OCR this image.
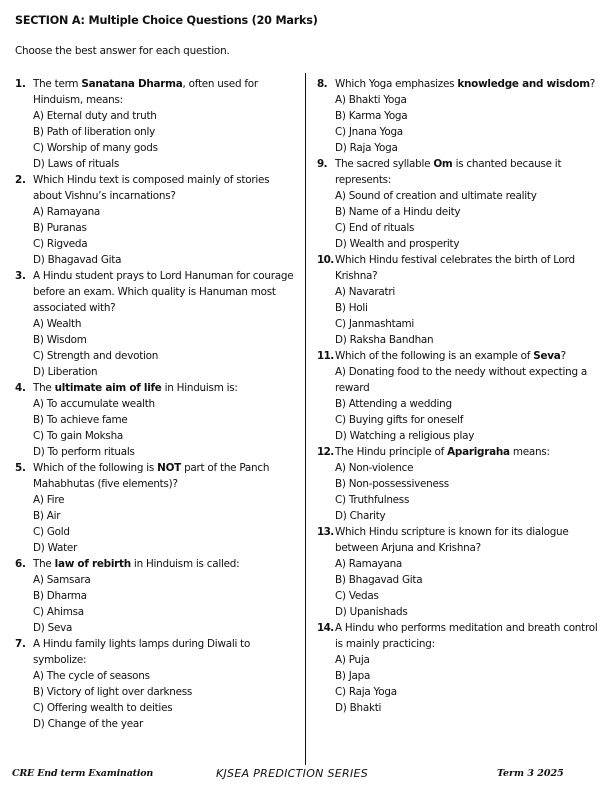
SECTION A: Multiple Choice Questions (20 Marks)
Choose the best answer for each question.
1. The term Sanatana Dharma, often used for Hinduism, means:
A) Eternal duty and truth
B) Path of liberation only
C) Worship of many gods
D) Laws of rituals
2. Which Hindu text is composed mainly of stories about Vishnu’s incarnations?
A) Ramayana
B) Puranas
C) Rigveda
D) Bhagavad Gita
3. A Hindu student prays to Lord Hanuman for courage before an exam. Which quality is Hanuman most associated with?
A) Wealth
B) Wisdom
C) Strength and devotion
D) Liberation
4. The ultimate aim of life in Hinduism is:
A) To accumulate wealth
B) To achieve fame
C) To gain Moksha
D) To perform rituals
5. Which of the following is NOT part of the Panch Mahabhutas (five elements)?
A) Fire
B) Air
C) Gold
D) Water
6. The law of rebirth in Hinduism is called:
A) Samsara
B) Dharma
C) Ahimsa
D) Seva
7. A Hindu family lights lamps during Diwali to symbolize:
A) The cycle of seasons
B) Victory of light over darkness
C) Offering wealth to deities
D) Change of the year
8. Which Yoga emphasizes knowledge and wisdom?
A) Bhakti Yoga
B) Karma Yoga
C) Jnana Yoga
D) Raja Yoga
9. The sacred syllable Om is chanted because it represents:
A) Sound of creation and ultimate reality
B) Name of a Hindu deity
C) End of rituals
D) Wealth and prosperity
10. Which Hindu festival celebrates the birth of Lord Krishna?
A) Navaratri
B) Holi
C) Janmashtami
D) Raksha Bandhan
11. Which of the following is an example of Seva?
A) Donating food to the needy without expecting a reward
B) Attending a wedding
C) Buying gifts for oneself
D) Watching a religious play
12. The Hindu principle of Aparigraha means:
A) Non-violence
B) Non-possessiveness
C) Truthfulness
D) Charity
13. Which Hindu scripture is known for its dialogue between Arjuna and Krishna?
A) Ramayana
B) Bhagavad Gita
C) Vedas
D) Upanishads
14. A Hindu who performs meditation and breath control is mainly practicing:
A) Puja
B) Japa
C) Raja Yoga
D) Bhakti
CRE End term Examination	KJSEA PREDICTION SERIES	Term 3 2025
